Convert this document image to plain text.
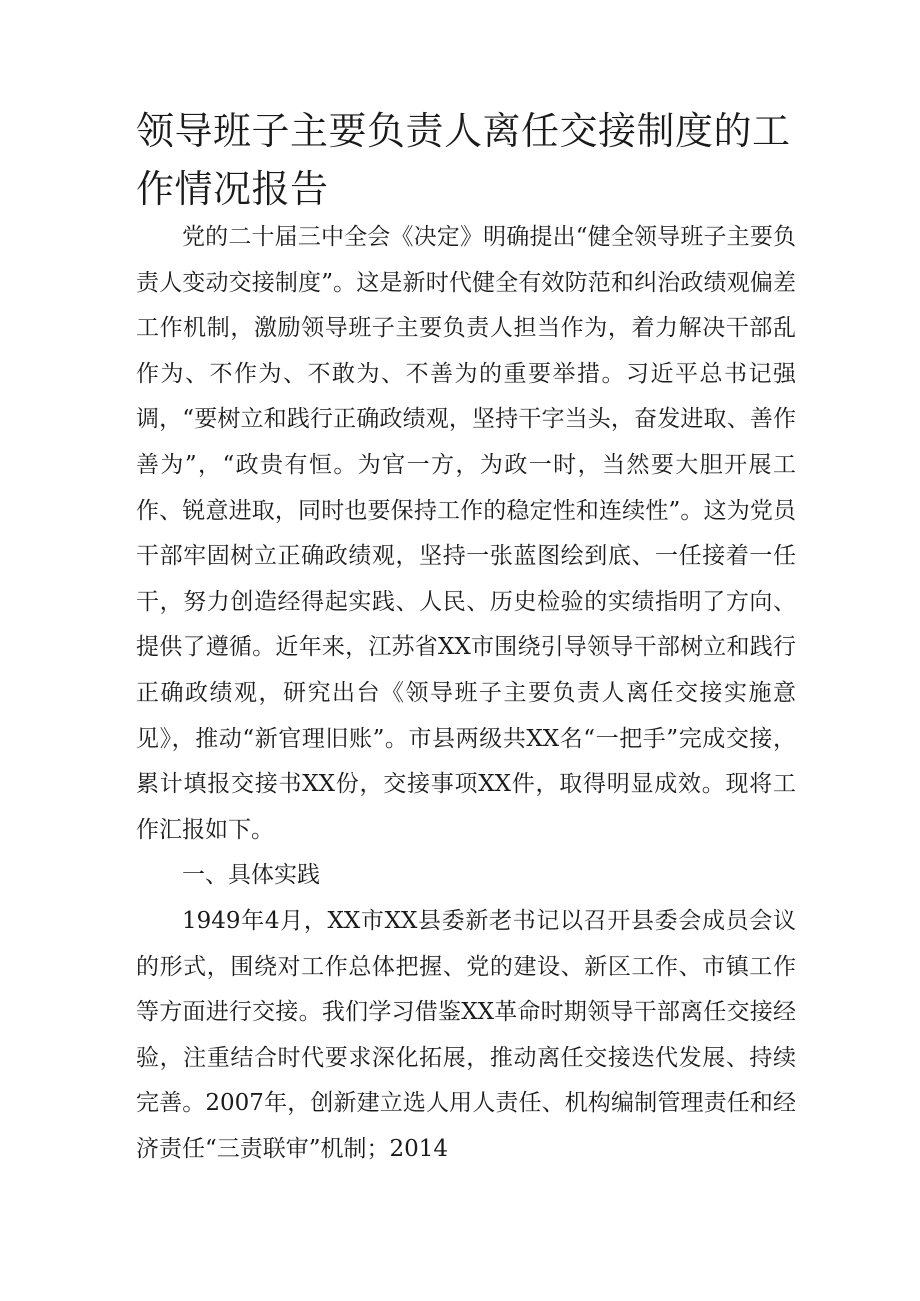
领导班子主要负责人离任交接制度的工作情况报告

党的二十届三中全会《决定》明确提出“健全领导班子主要负责人变动交接制度”。这是新时代健全有效防范和纠治政绩观偏差工作机制，激励领导班子主要负责人担当作为，着力解决干部乱作为、不作为、不敢为、不善为的重要举措。习近平总书记强调，“要树立和践行正确政绩观，坚持干字当头，奋发进取、善作善为”，“政贵有恒。为官一方，为政一时，当然要大胆开展工作、锐意进取，同时也要保持工作的稳定性和连续性”。这为党员干部牢固树立正确政绩观，坚持一张蓝图绘到底、一任接着一任干，努力创造经得起实践、人民、历史检验的实绩指明了方向、提供了遵循。近年来，江苏省XX市围绕引导领导干部树立和践行正确政绩观，研究出台《领导班子主要负责人离任交接实施意见》，推动“新官理旧账”。市县两级共XX名“一把手”完成交接，累计填报交接书XX份，交接事项XX件，取得明显成效。现将工作汇报如下。

一、具体实践

1949年4月，XX市XX县委新老书记以召开县委会成员会议的形式，围绕对工作总体把握、党的建设、新区工作、市镇工作等方面进行交接。我们学习借鉴XX革命时期领导干部离任交接经验，注重结合时代要求深化拓展，推动离任交接迭代发展、持续完善。2007年，创新建立选人用人责任、机构编制管理责任和经济责任“三责联审”机制；2014
